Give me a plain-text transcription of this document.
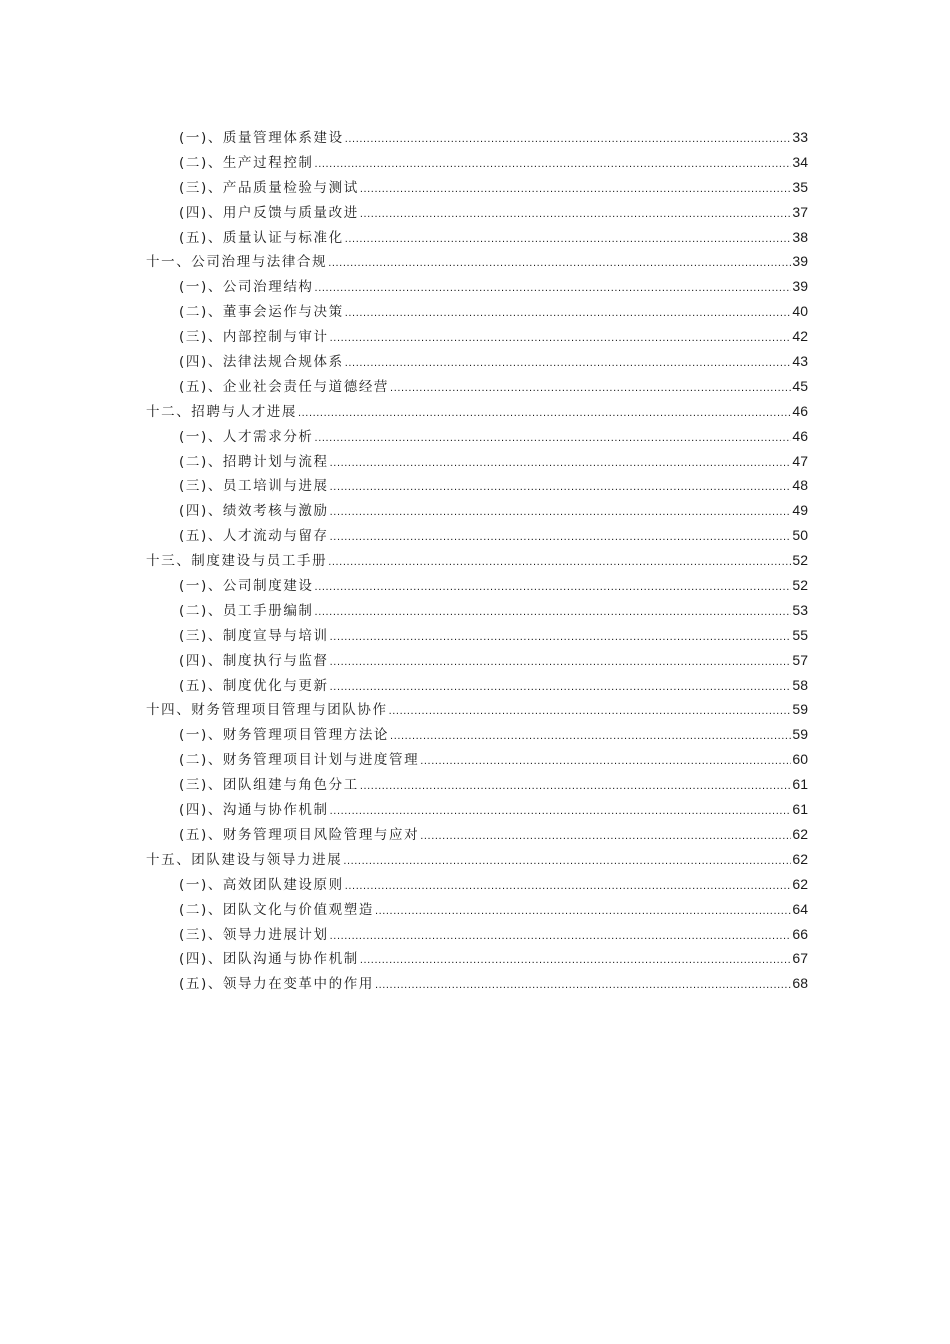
(一)、质量管理体系建设 .....	33
(二)、生产过程控制 .....	34
(三)、产品质量检验与测试 .....	35
(四)、用户反馈与质量改进 .....	37
(五)、质量认证与标准化 .....	38
十一、公司治理与法律合规 .....	39
(一)、公司治理结构 .....	39
(二)、董事会运作与决策 .....	40
(三)、内部控制与审计 .....	42
(四)、法律法规合规体系 .....	43
(五)、企业社会责任与道德经营 .....	45
十二、招聘与人才进展 .....	46
(一)、人才需求分析 .....	46
(二)、招聘计划与流程 .....	47
(三)、员工培训与进展 .....	48
(四)、绩效考核与激励 .....	49
(五)、人才流动与留存 .....	50
十三、制度建设与员工手册 .....	52
(一)、公司制度建设 .....	52
(二)、员工手册编制 .....	53
(三)、制度宣导与培训 .....	55
(四)、制度执行与监督 .....	57
(五)、制度优化与更新 .....	58
十四、财务管理项目管理与团队协作 .....	59
(一)、财务管理项目管理方法论 .....	59
(二)、财务管理项目计划与进度管理 .....	60
(三)、团队组建与角色分工 .....	61
(四)、沟通与协作机制 .....	61
(五)、财务管理项目风险管理与应对 .....	62
十五、团队建设与领导力进展 .....	62
(一)、高效团队建设原则 .....	62
(二)、团队文化与价值观塑造 .....	64
(三)、领导力进展计划 .....	66
(四)、团队沟通与协作机制 .....	67
(五)、领导力在变革中的作用 .....	68
